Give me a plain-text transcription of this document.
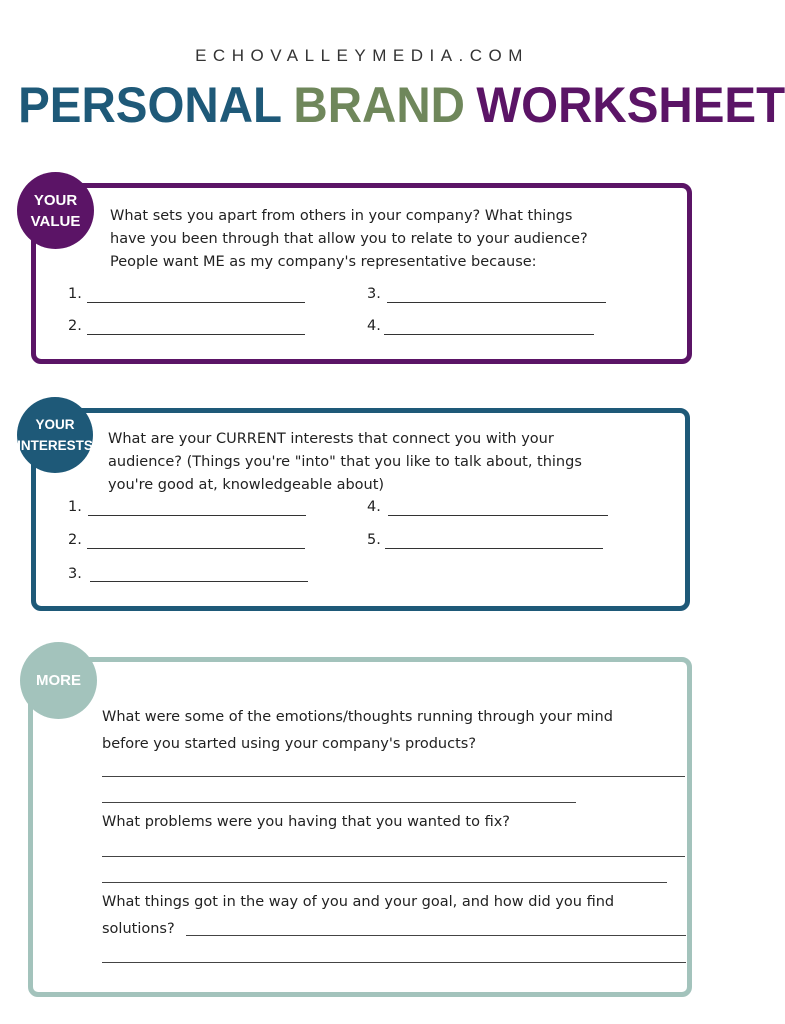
ECHOVALLEYMEDIA.COM
PERSONAL BRAND WORKSHEET
YOUR
VALUE What sets you apart from others in your company? What things
have you been through that allow you to relate to your audience?
People want ME as my company's representative because:
1.
2.
3.
4.
YOUR
INTERESTS What are your CURRENT interests that connect you with your
audience? (Things you're "into" that you like to talk about, things
you're good at, knowledgeable about)
1.
2.
3.
4.
5.
MORE
What were some of the emotions/thoughts running through your mind
before you started using your company's products?
What problems were you having that you wanted to fix?
What things got in the way of you and your goal, and how did you find
solutions?
